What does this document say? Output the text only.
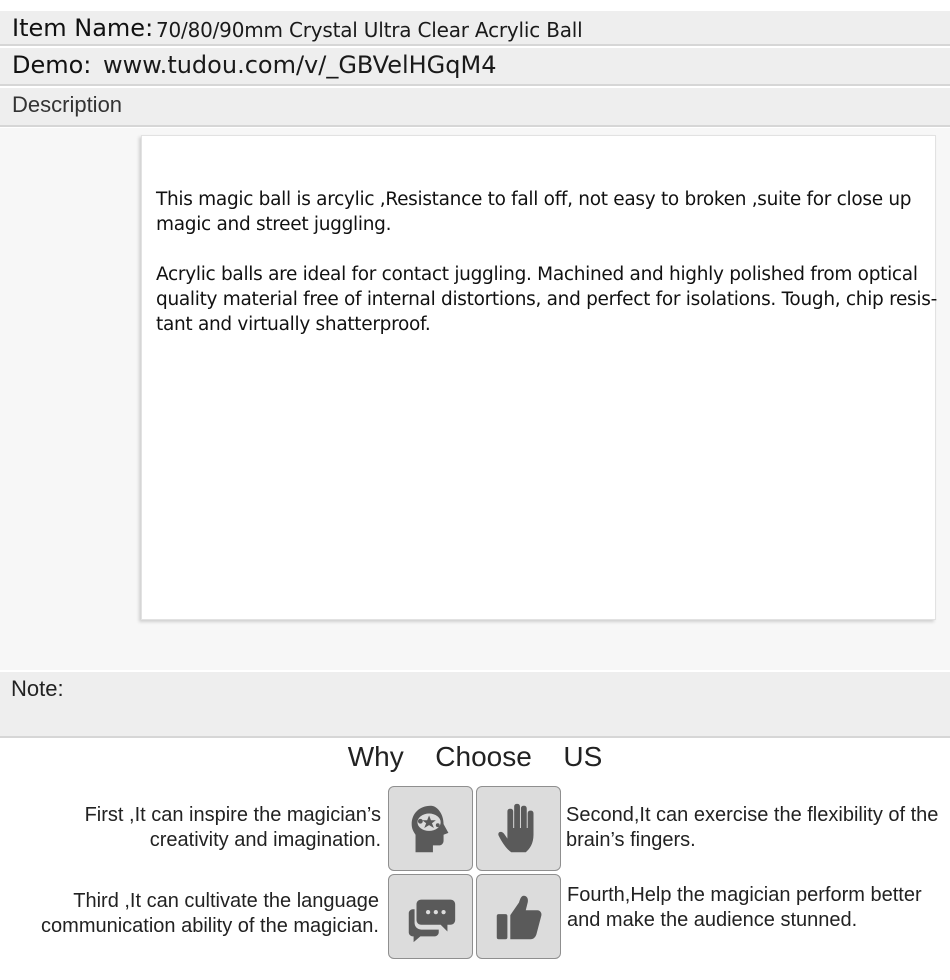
Item Name: 70/80/90mm Crystal Ultra Clear Acrylic Ball
Demo: www.tudou.com/v/_GBVelHGqM4
Description

This magic ball is arcylic ,Resistance to fall off, not easy to broken ,suite for close up magic and street juggling.

Acrylic balls are ideal for contact juggling. Machined and highly polished from optical quality material free of internal distortions, and perfect for isolations. Tough, chip resis-tant and virtually shatterproof.

Note:
Why  Choose  US
First ,It can inspire the magician’s creativity and imagination.
Second,It can exercise the flexibility of the brain’s fingers.
Third ,It can cultivate the language communication ability of the magician.
Fourth,Help the magician perform better and make the audience stunned.
